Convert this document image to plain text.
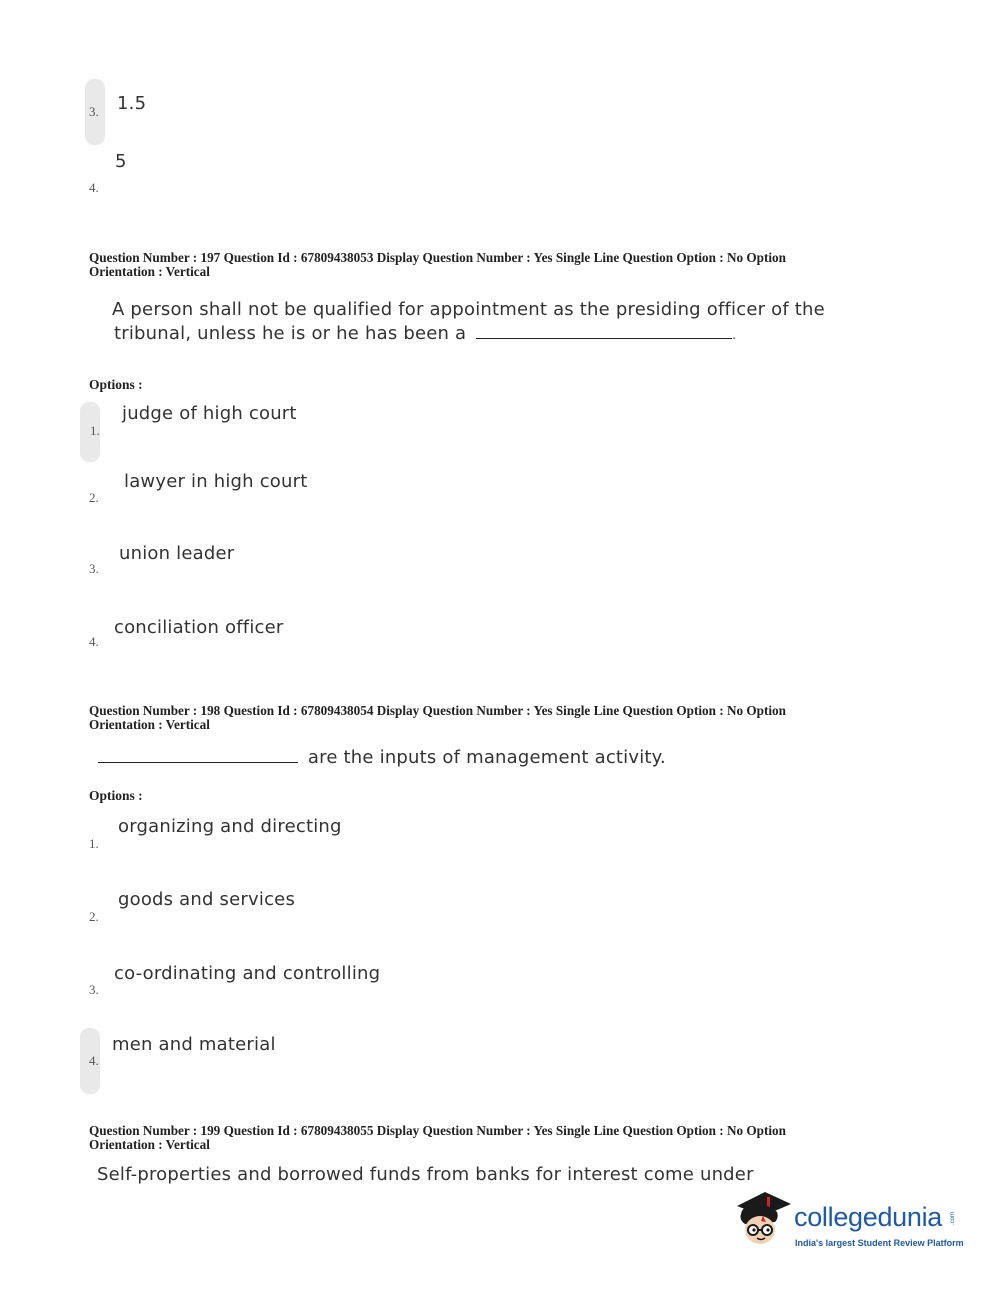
3. 1.5
4.
5
Question Number : 197 Question Id : 67809438053 Display Question Number : Yes Single Line Question Option : No Option
Orientation : Vertical
A person shall not be qualified for appointment as the presiding officer of the
tribunal, unless he is or he has been a	.
Options :
1.
judge of high court
2.
lawyer in high court
3.
union leader
4.
conciliation officer
Question Number : 198 Question Id : 67809438054 Display Question Number : Yes Single Line Question Option : No Option
Orientation : Vertical
are the inputs of management activity.
Options :
1.
organizing and directing
2.
goods and services
3.
co-ordinating and controlling
4.
men and material
Question Number : 199 Question Id : 67809438055 Display Question Number : Yes Single Line Question Option : No Option
Orientation : Vertical
Self-properties and borrowed funds from banks for interest come under
collegedunia .com
India's largest Student Review Platform
